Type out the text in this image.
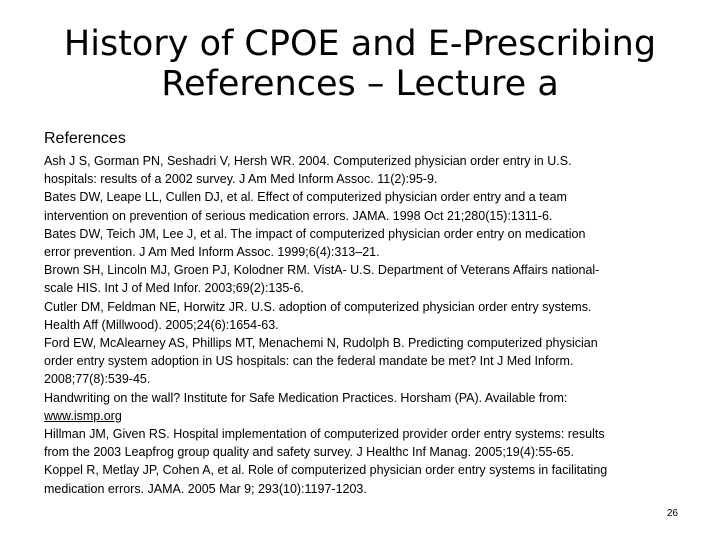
History of CPOE and E-Prescribing
References – Lecture a
References
Ash J S, Gorman PN, Seshadri V, Hersh WR. 2004. Computerized physician order entry in U.S.
hospitals: results of a 2002 survey. J Am Med Inform Assoc. 11(2):95-9.
Bates DW, Leape LL, Cullen DJ, et al. Effect of computerized physician order entry and a team
intervention on prevention of serious medication errors. JAMA. 1998 Oct 21;280(15):1311-6.
Bates DW, Teich JM, Lee J, et al. The impact of computerized physician order entry on medication
error prevention. J Am Med Inform Assoc. 1999;6(4):313–21.
Brown SH, Lincoln MJ, Groen PJ, Kolodner RM. VistA- U.S. Department of Veterans Affairs national-
scale HIS. Int J of Med Infor. 2003;69(2):135-6.
Cutler DM, Feldman NE, Horwitz JR. U.S. adoption of computerized physician order entry systems.
Health Aff (Millwood). 2005;24(6):1654-63.
Ford EW, McAlearney AS, Phillips MT, Menachemi N, Rudolph B. Predicting computerized physician
order entry system adoption in US hospitals: can the federal mandate be met? Int J Med Inform.
2008;77(8):539-45.
Handwriting on the wall? Institute for Safe Medication Practices. Horsham (PA). Available from:
www.ismp.org
Hillman JM, Given RS. Hospital implementation of computerized provider order entry systems: results
from the 2003 Leapfrog group quality and safety survey. J Healthc Inf Manag. 2005;19(4):55-65.
Koppel R, Metlay JP, Cohen A, et al. Role of computerized physician order entry systems in facilitating
medication errors. JAMA. 2005 Mar 9; 293(10):1197-1203.
26
